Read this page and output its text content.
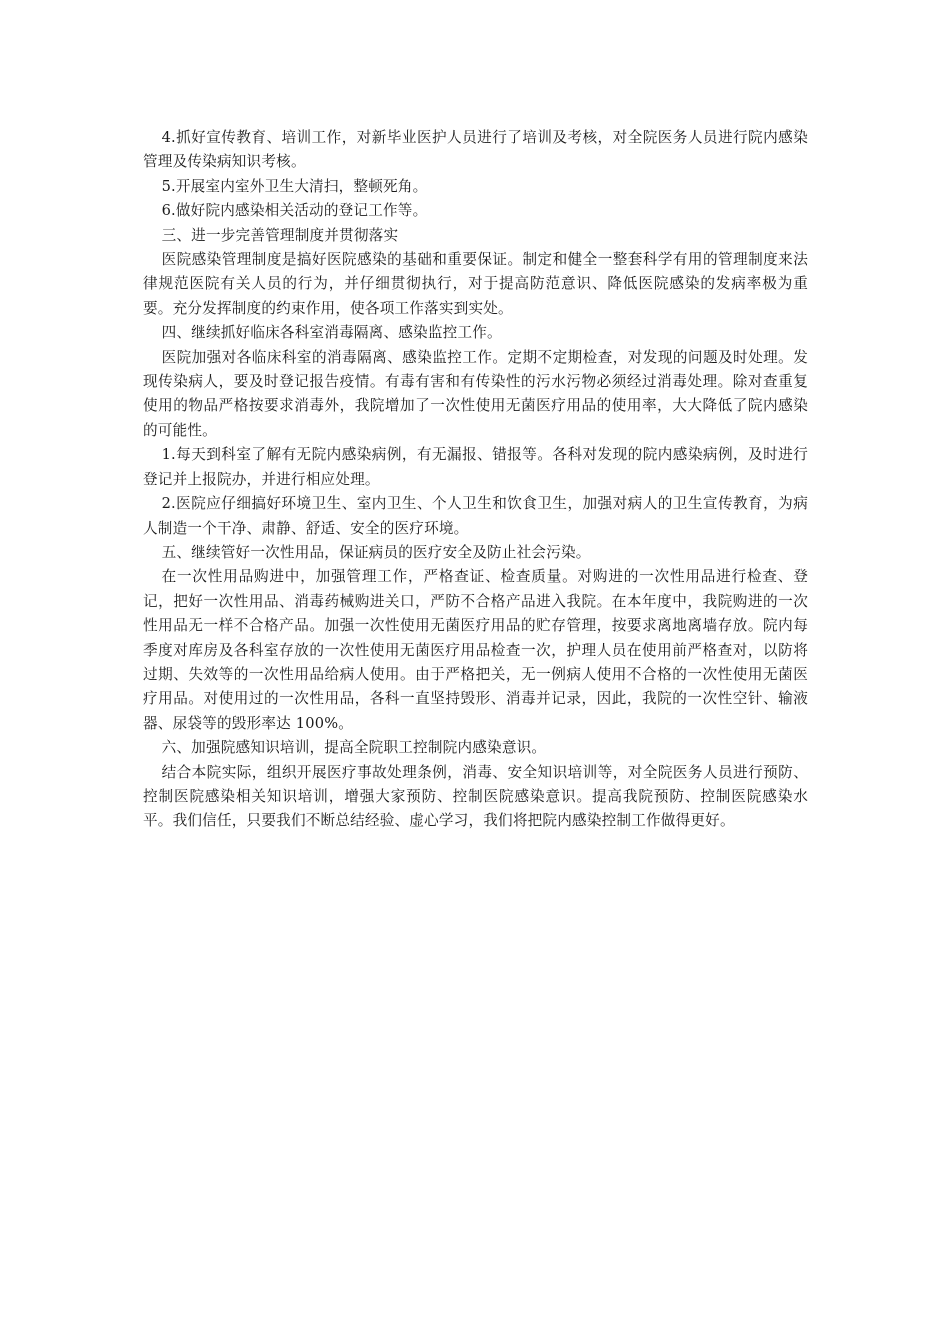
4.抓好宣传教育、培训工作，对新毕业医护人员进行了培训及考核，对全院医务人员进行院内感染管理及传染病知识考核。

5.开展室内室外卫生大清扫，整顿死角。

6.做好院内感染相关活动的登记工作等。

三、进一步完善管理制度并贯彻落实

医院感染管理制度是搞好医院感染的基础和重要保证。制定和健全一整套科学有用的管理制度来法律规范医院有关人员的行为，并仔细贯彻执行，对于提高防范意识、降低医院感染的发病率极为重要。充分发挥制度的约束作用，使各项工作落实到实处。

四、继续抓好临床各科室消毒隔离、感染监控工作。

医院加强对各临床科室的消毒隔离、感染监控工作。定期不定期检查，对发现的问题及时处理。发现传染病人，要及时登记报告疫情。有毒有害和有传染性的污水污物必须经过消毒处理。除对查重复使用的物品严格按要求消毒外，我院增加了一次性使用无菌医疗用品的使用率，大大降低了院内感染的可能性。

1.每天到科室了解有无院内感染病例，有无漏报、错报等。各科对发现的院内感染病例，及时进行登记并上报院办，并进行相应处理。

2.医院应仔细搞好环境卫生、室内卫生、个人卫生和饮食卫生，加强对病人的卫生宣传教育，为病人制造一个干净、肃静、舒适、安全的医疗环境。

五、继续管好一次性用品，保证病员的医疗安全及防止社会污染。

在一次性用品购进中，加强管理工作，严格查证、检查质量。对购进的一次性用品进行检查、登记，把好一次性用品、消毒药械购进关口，严防不合格产品进入我院。在本年度中，我院购进的一次性用品无一样不合格产品。加强一次性使用无菌医疗用品的贮存管理，按要求离地离墙存放。院内每季度对库房及各科室存放的一次性使用无菌医疗用品检查一次，护理人员在使用前严格查对，以防将过期、失效等的一次性用品给病人使用。由于严格把关，无一例病人使用不合格的一次性使用无菌医疗用品。对使用过的一次性用品，各科一直坚持毁形、消毒并记录，因此，我院的一次性空针、输液器、尿袋等的毁形率达 100%。

六、加强院感知识培训，提高全院职工控制院内感染意识。

结合本院实际，组织开展医疗事故处理条例，消毒、安全知识培训等，对全院医务人员进行预防、控制医院感染相关知识培训，增强大家预防、控制医院感染意识。提高我院预防、控制医院感染水平。我们信任，只要我们不断总结经验、虚心学习，我们将把院内感染控制工作做得更好。
